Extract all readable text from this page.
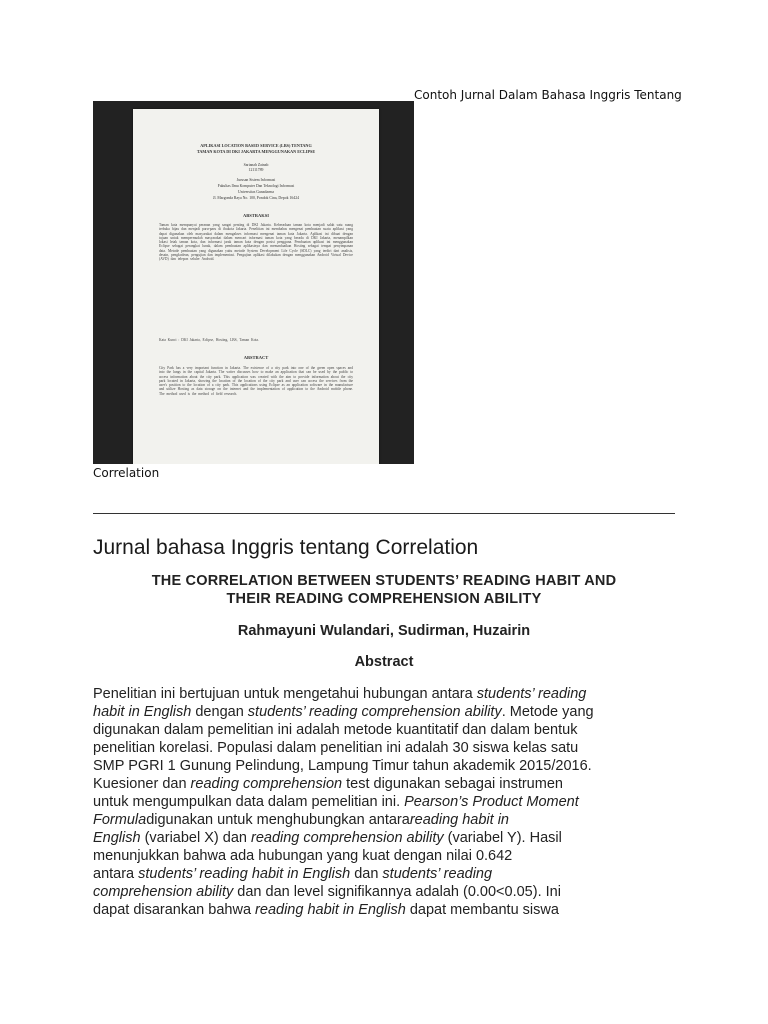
Contoh Jurnal Dalam Bahasa Inggris Tentang
APLIKASI LOCATION BASED SERVICE (LBS) TENTANG
TAMAN KOTA DI DKI JAKARTA MENGGUNAKAN ECLIPSE
Sarianah Zainab
12111789
Jurusan Sistem Informasi
Fakultas Ilmu Komputer Dan Teknologi Informasi
Universitas Gunadarma
Jl. Margonda Raya No. 100, Pondok Cina, Depok 16424
ABSTRAKSI
Taman kota mempunyai peranan yang sangat penting di DKI Jakarta. Keberadaan taman kota menjadi salah satu ruang terbuka hijau dan menjadi paru-paru di ibukota Jakarta. Penelitian ini membahas mengenai pembuatan suatu aplikasi yang dapat digunakan oleh masyarakat dalam mengakses informasi mengenai taman kota Jakarta. Aplikasi ini dibuat dengan tujuan untuk mempermudah masyarakat dalam mencari informasi taman kota yang berada di DKI Jakarta, menampilkan lokasi letak taman kota, dan informasi jarak taman kota dengan posisi pengguna. Pembuatan aplikasi ini menggunakan Eclipse sebagai perangkat lunak, dalam pembuatan aplikasinya dan memanfaatkan Hosting sebagai tempat penyimpanan data. Metode pembuatan yang digunakan yaitu metode System Development Life Cycle (SDLC) yang terdiri dari analisis, desain, pengkodean, pengujian dan implementasi. Pengujian aplikasi dilakukan dengan menggunakan Android Virtual Device (AVD) dan telepon seluler Android.
Kata Kunci : DKI Jakarta, Eclipse, Hosting, LBS, Taman Kota.
ABSTRACT
City Park has a very important function in Jakarta. The existence of a city park into one of the green open spaces and into the lungs in the capital Jakarta. The writer discusses how to make an application that can be used by the public to access information about the city park. This application was created with the aim to provide information about the city park located in Jakarta, showing the location of the location of the city park and user can access the services from the user's position to the location of a city park. This applications using Eclipse as an application software in the manufacture and utilize Hosting as data storage on the internet and the implementation of application to the Android mobile phone. The method used is the method of field research.
Correlation
Jurnal bahasa Inggris tentang Correlation
THE CORRELATION BETWEEN STUDENTS’ READING HABIT AND
THEIR READING COMPREHENSION ABILITY
Rahmayuni Wulandari, Sudirman, Huzairin
Abstract
Penelitian ini bertujuan untuk mengetahui hubungan antara students’ reading
habit in English dengan students’ reading comprehension ability. Metode yang
digunakan dalam pemelitian ini adalah metode kuantitatif dan dalam bentuk
penelitian korelasi. Populasi dalam penelitian ini adalah 30 siswa kelas satu
SMP PGRI 1 Gunung Pelindung, Lampung Timur tahun akademik 2015/2016.
Kuesioner dan reading comprehension test digunakan sebagai instrumen
untuk mengumpulkan data dalam pemelitian ini. Pearson’s Product Moment
Formuladigunakan untuk menghubungkan antarareading habit in
English (variabel X) dan reading comprehension ability (variabel Y). Hasil
menunjukkan bahwa ada hubungan yang kuat dengan nilai 0.642
antara students’ reading habit in English dan students’ reading
comprehension ability dan dan level signifikannya adalah (0.00<0.05). Ini
dapat disarankan bahwa reading habit in English dapat membantu siswa
